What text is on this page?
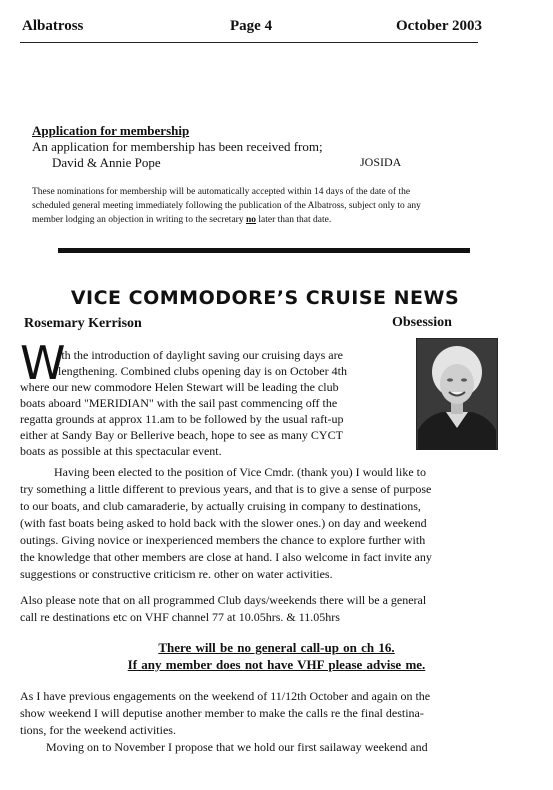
Albatross	Page 4	October 2003
Application for membership
An application for membership has been received from;
David & Annie Pope	JOSIDA
These nominations for membership will be automatically accepted within 14 days of the date of the
scheduled general meeting immediately following the publication of the Albatross, subject only to any
member lodging an objection in writing to the secretary no later than that date.
VICE COMMODORE’S CRUISE NEWS
Rosemary Kerrison	Obsession
W
ith the introduction of daylight saving our cruising days are
lengthening. Combined clubs opening day is on October 4th
where our new commodore Helen Stewart will be leading the club
boats aboard "MERIDIAN" with the sail past commencing off the
regatta grounds at approx 11.am to be followed by the usual raft-up
either at Sandy Bay or Bellerive beach, hope to see as many CYCT
boats as possible at this spectacular event.
Having been elected to the position of Vice Cmdr. (thank you) I would like to
try something a little different to previous years, and that is to give a sense of purpose
to our boats, and club camaraderie, by actually cruising in company to destinations,
(with fast boats being asked to hold back with the slower ones.) on day and weekend
outings. Giving novice or inexperienced members the chance to explore further with
the knowledge that other members are close at hand. I also welcome in fact invite any
suggestions or constructive criticism re. other on water activities.
Also please note that on all programmed Club days/weekends there will be a general
call re destinations etc on VHF channel 77 at 10.05hrs. & 11.05hrs
There will be no general call-up on ch 16.
If any member does not have VHF please advise me.
As I have previous engagements on the weekend of 11/12th October and again on the
show weekend I will deputise another member to make the calls re the final destina-
tions, for the weekend activities.
Moving on to November I propose that we hold our first sailaway weekend and
